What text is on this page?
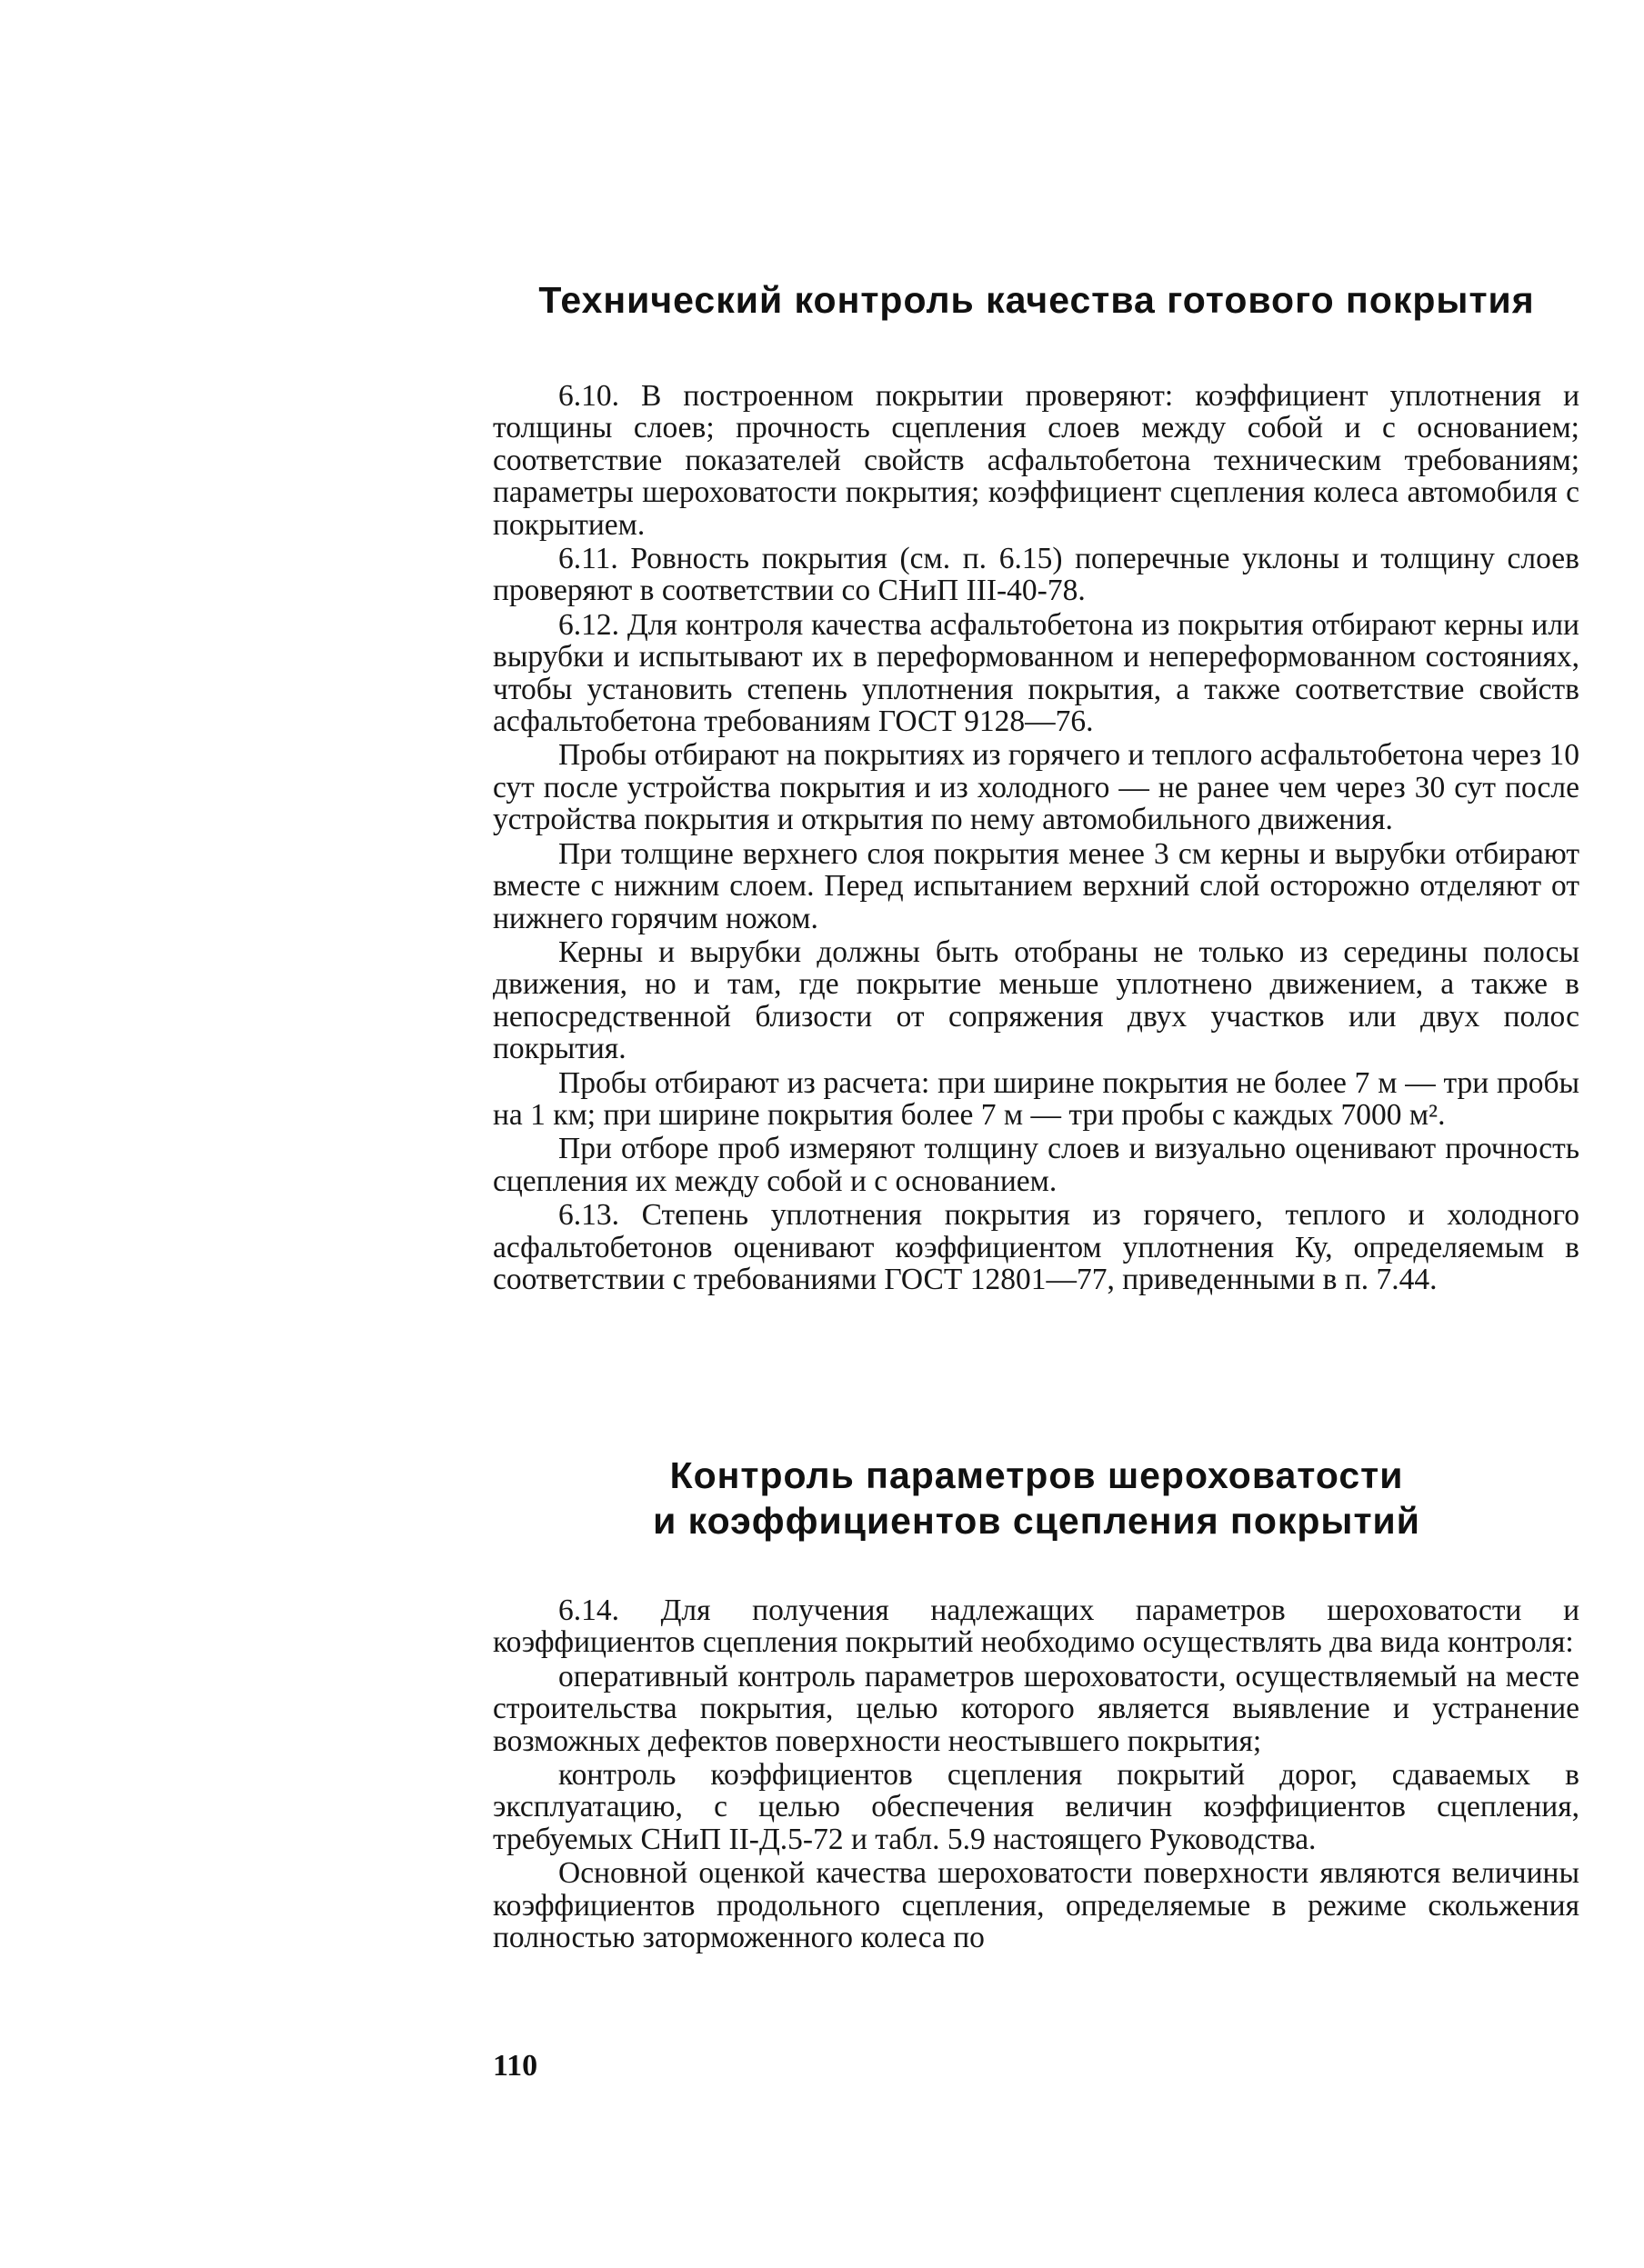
Технический контроль качества готового покрытия

6.10. В построенном покрытии проверяют: коэффициент уплотнения и толщины слоев; прочность сцепления слоев между собой и с основанием; соответствие показателей свойств асфальтобетона техническим требованиям; параметры шероховатости покрытия; коэффициент сцепления колеса автомобиля с покрытием.

6.11. Ровность покрытия (см. п. 6.15) поперечные уклоны и толщину слоев проверяют в соответствии со СНиП III-40-78.

6.12. Для контроля качества асфальтобетона из покрытия отбирают керны или вырубки и испытывают их в переформованном и непереформованном состояниях, чтобы установить степень уплотнения покрытия, а также соответствие свойств асфальтобетона требованиям ГОСТ 9128—76.

Пробы отбирают на покрытиях из горячего и теплого асфальтобетона через 10 сут после устройства покрытия и из холодного — не ранее чем через 30 сут после устройства покрытия и открытия по нему автомобильного движения.

При толщине верхнего слоя покрытия менее 3 см керны и вырубки отбирают вместе с нижним слоем. Перед испытанием верхний слой осторожно отделяют от нижнего горячим ножом.

Керны и вырубки должны быть отобраны не только из середины полосы движения, но и там, где покрытие меньше уплотнено движением, а также в непосредственной близости от сопряжения двух участков или двух полос покрытия.

Пробы отбирают из расчета: при ширине покрытия не более 7 м — три пробы на 1 км; при ширине покрытия более 7 м — три пробы с каждых 7000 м².

При отборе проб измеряют толщину слоев и визуально оценивают прочность сцепления их между собой и с основанием.

6.13. Степень уплотнения покрытия из горячего, теплого и холодного асфальтобетонов оценивают коэффициентом уплотнения Ку, определяемым в соответствии с требованиями ГОСТ 12801—77, приведенными в п. 7.44.

Контроль параметров шероховатости
и коэффициентов сцепления покрытий

6.14. Для получения надлежащих параметров шероховатости и коэффициентов сцепления покрытий необходимо осуществлять два вида контроля:

оперативный контроль параметров шероховатости, осуществляемый на месте строительства покрытия, целью которого является выявление и устранение возможных дефектов поверхности неостывшего покрытия;

контроль коэффициентов сцепления покрытий дорог, сдаваемых в эксплуатацию, с целью обеспечения величин коэффициентов сцепления, требуемых СНиП II-Д.5-72 и табл. 5.9 настоящего Руководства.

Основной оценкой качества шероховатости поверхности являются величины коэффициентов продольного сцепления, определяемые в режиме скольжения полностью заторможенного колеса по

110
